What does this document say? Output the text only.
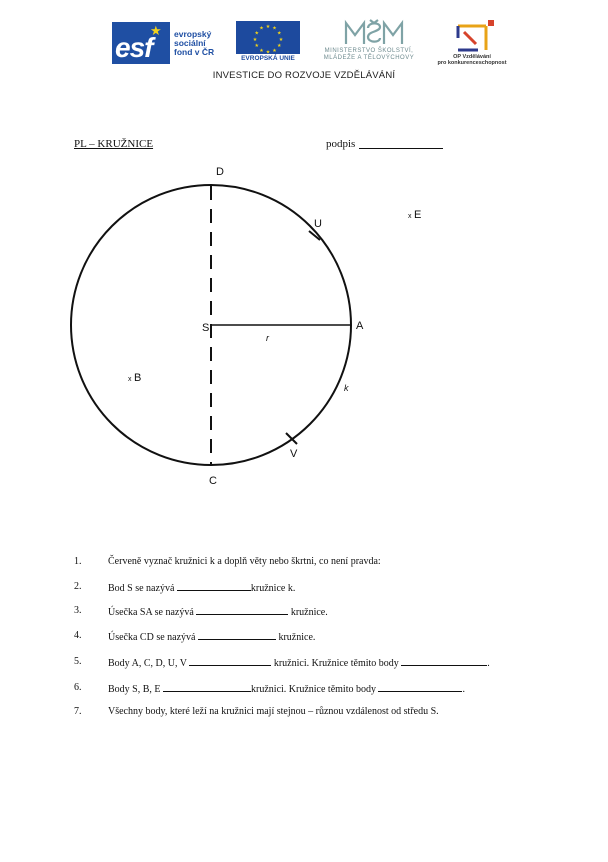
esf
★ evropský
sociální
fond v ČR
★ ★
★
★
★
★
★
★
★
★
★
★
EVROPSKÁ UNIE
MINISTERSTVO ŠKOLSTVÍ,
MLÁDEŽE A TĚLOVÝCHOVY	OP Vzdělávání
pro konkurenceschopnost
INVESTICE DO ROZVOJE VZDĚLÁVÁNÍ
PL – KRUŽNICE	podpis
D
C
S	A
U
V
r
k
x E
x B
1.	Červeně vyznač kružnici k a doplň věty nebo škrtni, co není pravda:
2.	Bod S se nazývá	kružnice k.
3.	Úsečka SA se nazývá	kružnice.
4.	Úsečka CD se nazývá	kružnice.
5.	Body A, C, D, U, V	kružnici. Kružnice těmito body	.
6.	Body S, B, E	kružnici. Kružnice těmito body	.
7.	Všechny body, které leží na kružnici mají stejnou – různou vzdálenost od středu S.
